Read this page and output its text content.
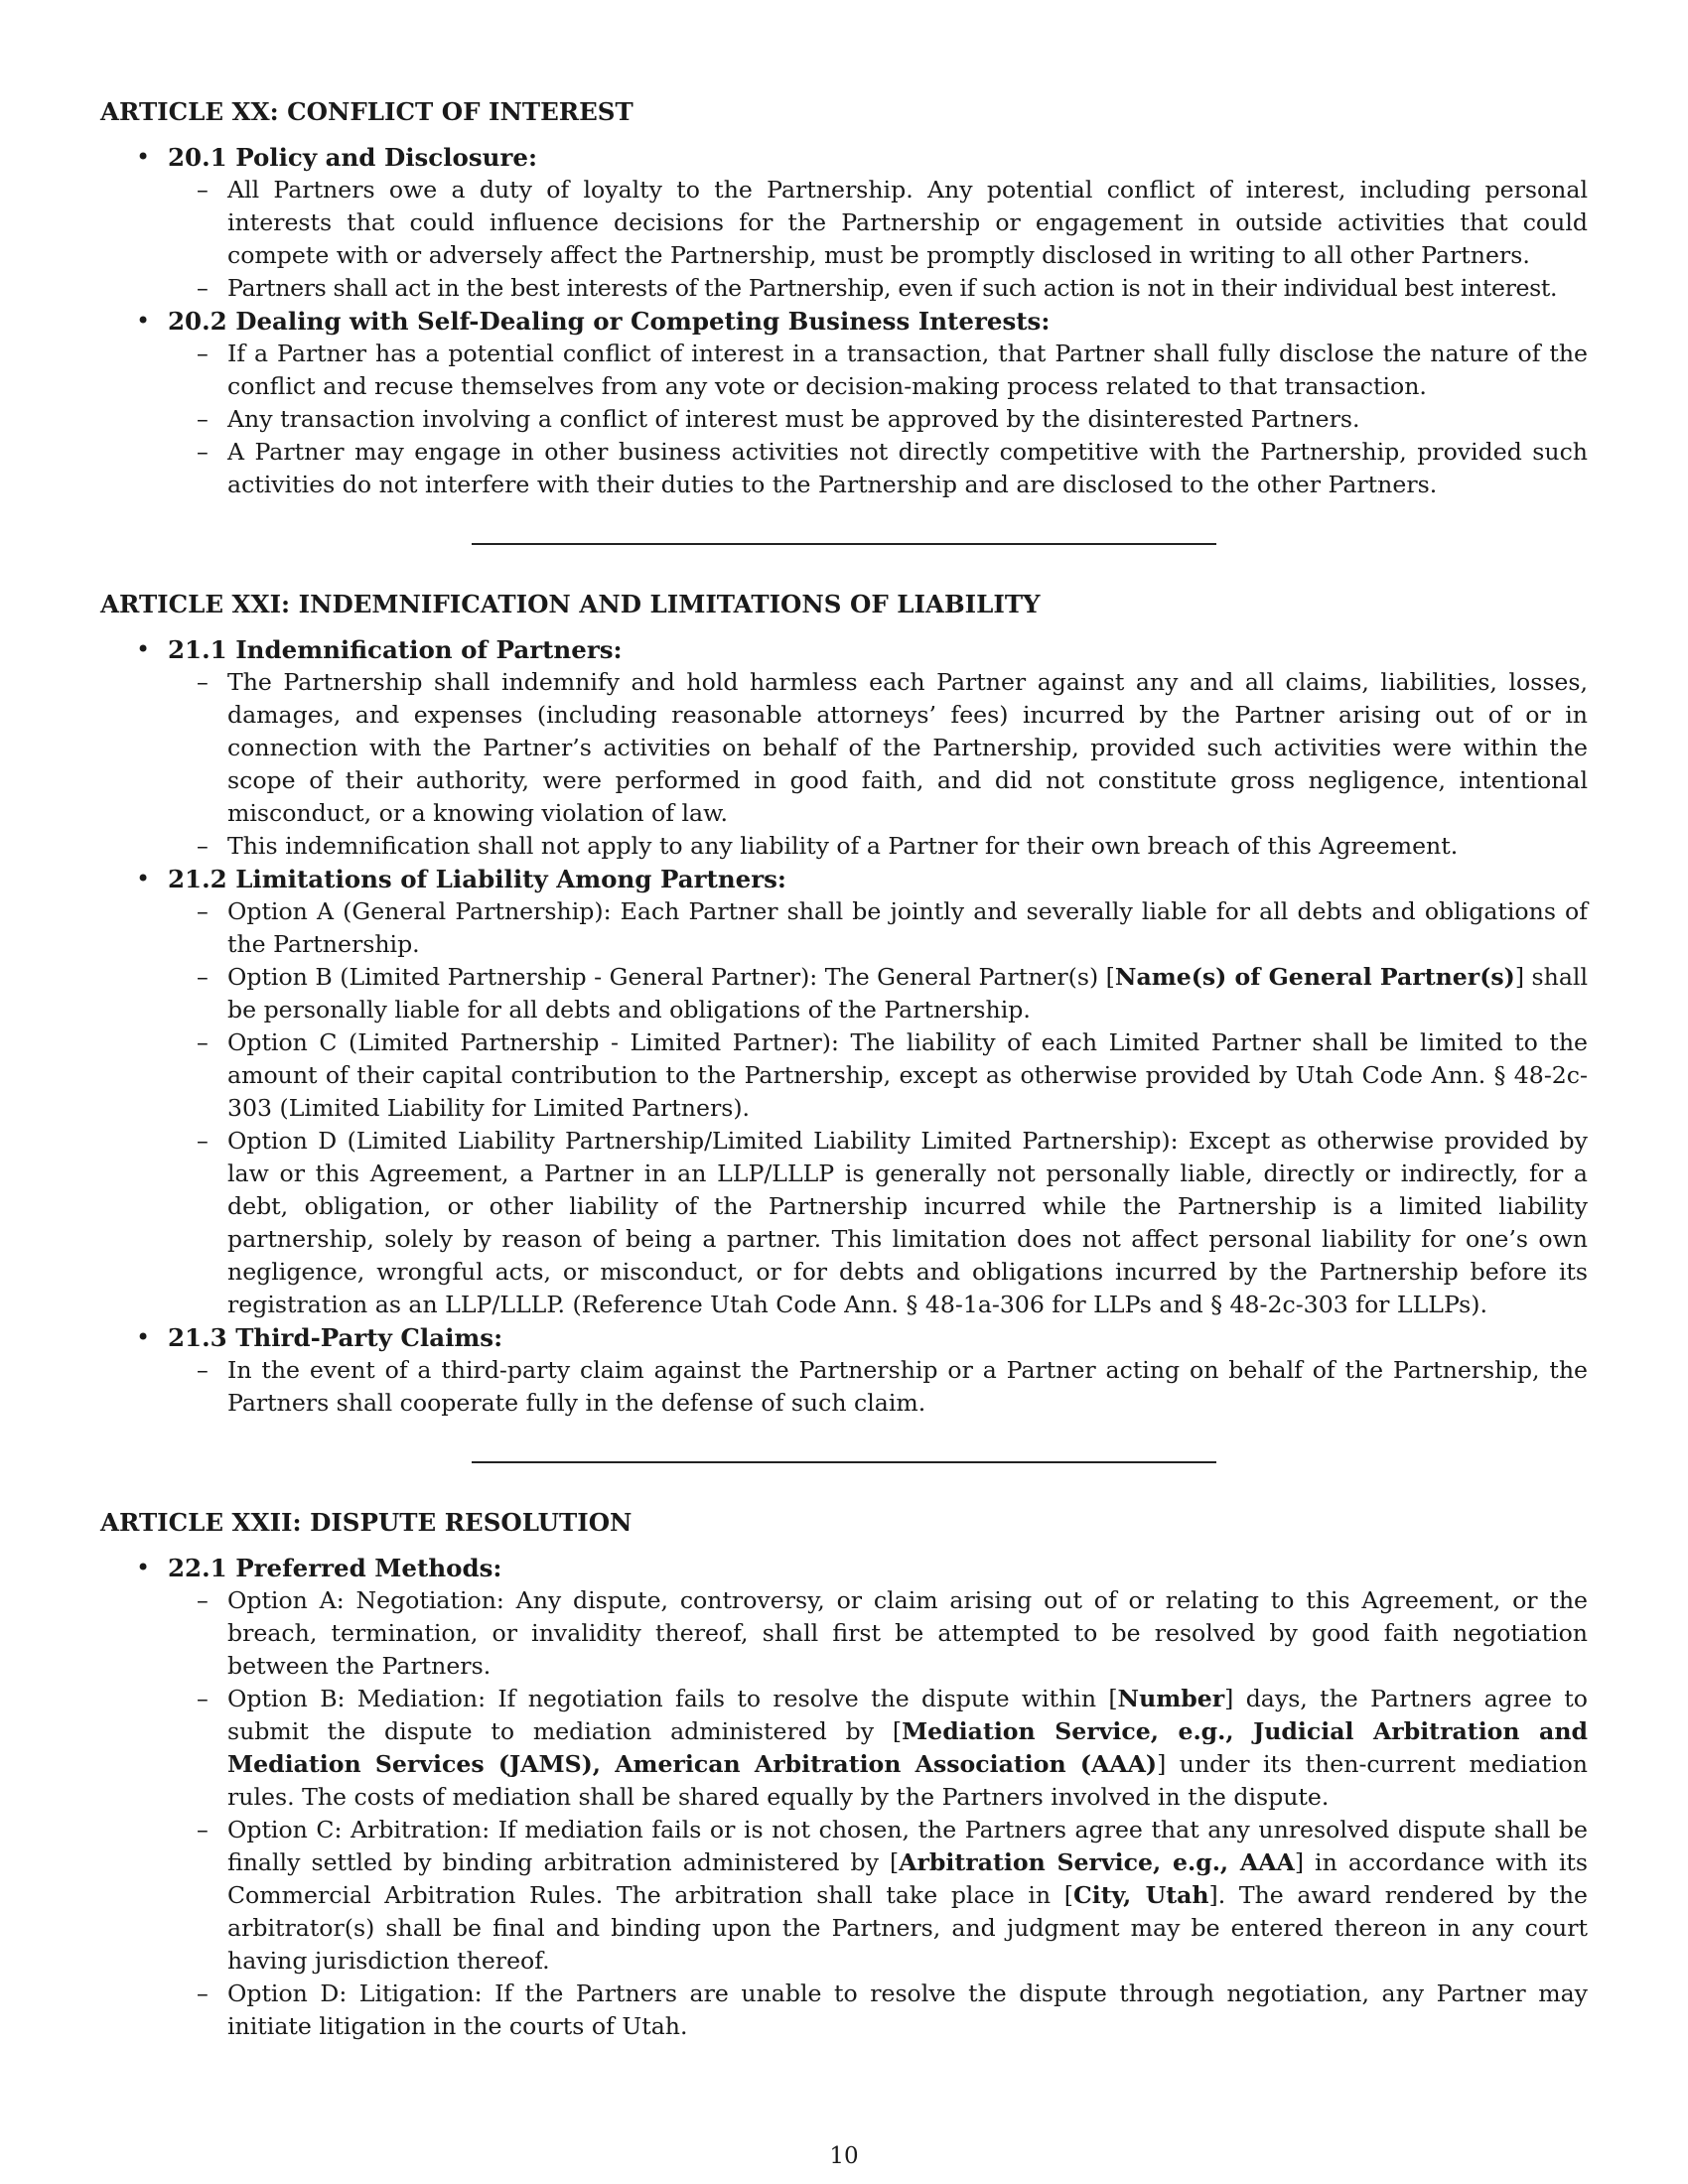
ARTICLE XX: CONFLICT OF INTEREST
• 20.1 Policy and Disclosure:
– All Partners owe a duty of loyalty to the Partnership. Any potential conflict of interest, including personal interests that could influence decisions for the Partnership or engagement in outside activities that could compete with or adversely affect the Partnership, must be promptly disclosed in writing to all other Partners.
– Partners shall act in the best interests of the Partnership, even if such action is not in their individual best interest.
• 20.2 Dealing with Self-Dealing or Competing Business Interests:
– If a Partner has a potential conflict of interest in a transaction, that Partner shall fully disclose the nature of the conflict and recuse themselves from any vote or decision-making process related to that transaction.
– Any transaction involving a conflict of interest must be approved by the disinterested Partners.
– A Partner may engage in other business activities not directly competitive with the Partnership, provided such activities do not interfere with their duties to the Partnership and are disclosed to the other Partners.
ARTICLE XXI: INDEMNIFICATION AND LIMITATIONS OF LIABILITY
• 21.1 Indemnification of Partners:
– The Partnership shall indemnify and hold harmless each Partner against any and all claims, liabilities, losses, damages, and expenses (including reasonable attorneys’ fees) incurred by the Partner arising out of or in connection with the Partner’s activities on behalf of the Partnership, provided such activities were within the scope of their authority, were performed in good faith, and did not constitute gross negligence, intentional misconduct, or a knowing violation of law.
– This indemnification shall not apply to any liability of a Partner for their own breach of this Agreement.
• 21.2 Limitations of Liability Among Partners:
– Option A (General Partnership): Each Partner shall be jointly and severally liable for all debts and obligations of the Partnership.
– Option B (Limited Partnership - General Partner): The General Partner(s) [Name(s) of General Partner(s)] shall be personally liable for all debts and obligations of the Partnership.
– Option C (Limited Partnership - Limited Partner): The liability of each Limited Partner shall be limited to the amount of their capital contribution to the Partnership, except as otherwise provided by Utah Code Ann. § 48-2c-303 (Limited Liability for Limited Partners).
– Option D (Limited Liability Partnership/Limited Liability Limited Partnership): Except as otherwise provided by law or this Agreement, a Partner in an LLP/LLLP is generally not personally liable, directly or indirectly, for a debt, obligation, or other liability of the Partnership incurred while the Partnership is a limited liability partnership, solely by reason of being a partner. This limitation does not affect personal liability for one’s own negligence, wrongful acts, or misconduct, or for debts and obligations incurred by the Partnership before its registration as an LLP/LLLP. (Reference Utah Code Ann. § 48-1a-306 for LLPs and § 48-2c-303 for LLLPs).
• 21.3 Third-Party Claims:
– In the event of a third-party claim against the Partnership or a Partner acting on behalf of the Partnership, the Partners shall cooperate fully in the defense of such claim.
ARTICLE XXII: DISPUTE RESOLUTION
• 22.1 Preferred Methods:
– Option A: Negotiation: Any dispute, controversy, or claim arising out of or relating to this Agreement, or the breach, termination, or invalidity thereof, shall first be attempted to be resolved by good faith negotiation between the Partners.
– Option B: Mediation: If negotiation fails to resolve the dispute within [Number] days, the Partners agree to submit the dispute to mediation administered by [Mediation Service, e.g., Judicial Arbitration and Mediation Services (JAMS), American Arbitration Association (AAA)] under its then-current mediation rules. The costs of mediation shall be shared equally by the Partners involved in the dispute.
– Option C: Arbitration: If mediation fails or is not chosen, the Partners agree that any unresolved dispute shall be finally settled by binding arbitration administered by [Arbitration Service, e.g., AAA] in accordance with its Commercial Arbitration Rules. The arbitration shall take place in [City, Utah]. The award rendered by the arbitrator(s) shall be final and binding upon the Partners, and judgment may be entered thereon in any court having jurisdiction thereof.
– Option D: Litigation: If the Partners are unable to resolve the dispute through negotiation, any Partner may initiate litigation in the courts of Utah.
10
